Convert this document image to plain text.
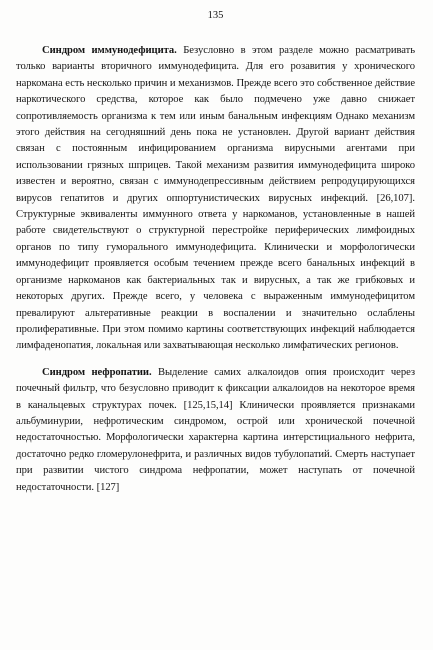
135

Синдром иммунодефицита. Безусловно в этом разделе можно расматривать только варианты вторичного иммунодефицита. Для его розавития у хронического наркомана есть несколько причин и механизмов. Прежде всего это собственное действие наркотического средства, которое как было подмечено уже давно снижает сопротивляемость организма к тем или иным банальным инфекциям Однако механизм этого действия на сегодняшний день пока не установлен. Другой вариант действия связан с постоянным инфицированием организма вирусными агентами при использовании грязных шприцев. Такой механизм развития иммунодефицита широко известен и вероятно, связан с иммунодепрессивным действием репродуцирующихся вирусов гепатитов и других оппортунистических вирусных инфекций. [26,107]. Структурные эквиваленты иммунного ответа у наркоманов, установленные в нашей работе свидетельствуют о структурной перестройке периферических лимфоидных органов по типу гуморального иммунодефицита. Клинически и морфологически иммунодефицит проявляется особым течением прежде всего банальных инфекций в организме наркоманов как бактериальных так и вирусных, а так же грибковых и некоторых других. Прежде всего, у человека с выраженным иммунодефицитом превалируют альтеративные реакции в воспалении и значительно ослаблены пролиферативные. При этом помимо картины соответствующих инфекций наблюдается лимфаденопатия, локальная или захватывающая несколько лимфатических регионов.

Синдром нефропатии. Выделение самих алкалоидов опия происходит через почечный фильтр, что безусловно приводит к фиксации алкалоидов на некоторое время в канальцевых структурах почек. [125,15,14] Клинически проявляется признаками альбуминурии, нефротическим синдромом, острой или хронической почечной недостаточностью. Морфологически характерна картина интерстициального нефрита, достаточно редко гломерулонефрита, и различных видов тубулопатий. Смерть наступает при развитии чистого синдрома нефропатии, может наступать от почечной недостаточности. [127]
